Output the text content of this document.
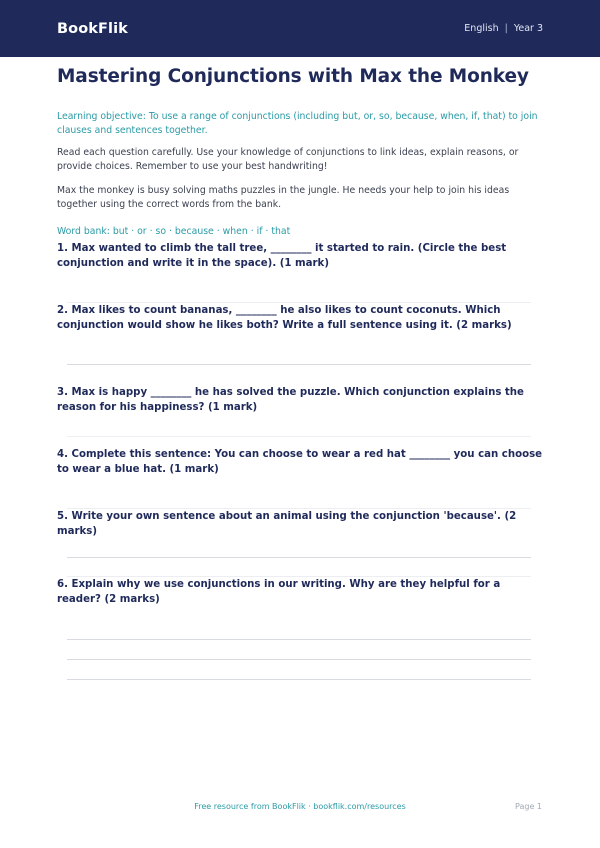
BookFlik	English | Year 3
Mastering Conjunctions with Max the Monkey

Learning objective: To use a range of conjunctions (including but, or, so, because, when, if, that) to join clauses and sentences together.

Read each question carefully. Use your knowledge of conjunctions to link ideas, explain reasons, or provide choices. Remember to use your best handwriting!

Max the monkey is busy solving maths puzzles in the jungle. He needs your help to join his ideas together using the correct words from the bank.

Word bank: but · or · so · because · when · if · that

1. Max wanted to climb the tall tree, ________ it started to rain. (Circle the best conjunction and write it in the space). (1 mark)
2. Max likes to count bananas, ________ he also likes to count coconuts. Which conjunction would show he likes both? Write a full sentence using it. (2 marks)
3. Max is happy ________ he has solved the puzzle. Which conjunction explains the reason for his happiness? (1 mark)
4. Complete this sentence: You can choose to wear a red hat ________ you can choose to wear a blue hat. (1 mark)
5. Write your own sentence about an animal using the conjunction 'because'. (2 marks)
6. Explain why we use conjunctions in our writing. Why are they helpful for a reader? (2 marks)
Free resource from BookFlik · bookflik.com/resources	Page 1
